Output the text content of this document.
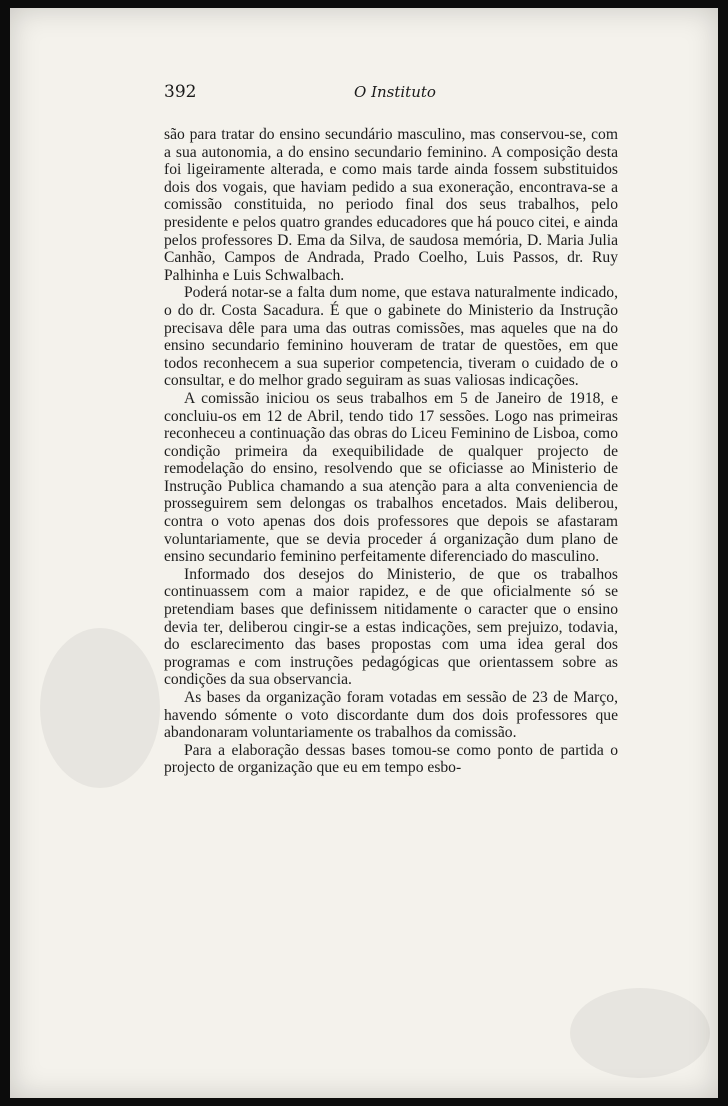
392	O Instituto

são para tratar do ensino secundário masculino, mas conservou-se, com a sua autonomia, a do ensino secundario feminino. A composição desta foi ligeiramente alterada, e como mais tarde ainda fossem substituidos dois dos vogais, que haviam pedido a sua exoneração, encontrava-se a comissão constituida, no periodo final dos seus trabalhos, pelo presidente e pelos quatro grandes educadores que há pouco citei, e ainda pelos professores D. Ema da Silva, de saudosa memória, D. Maria Julia Canhão, Campos de Andrada, Prado Coelho, Luis Passos, dr. Ruy Palhinha e Luis Schwalbach.

Poderá notar-se a falta dum nome, que estava naturalmente indicado, o do dr. Costa Sacadura. É que o gabinete do Ministerio da Instrução precisava dêle para uma das outras comissões, mas aqueles que na do ensino secundario feminino houveram de tratar de questões, em que todos reconhecem a sua superior competencia, tiveram o cuidado de o consultar, e do melhor grado seguiram as suas valiosas indicações.

A comissão iniciou os seus trabalhos em 5 de Janeiro de 1918, e concluiu-os em 12 de Abril, tendo tido 17 sessões. Logo nas primeiras reconheceu a continuação das obras do Liceu Feminino de Lisboa, como condição primeira da exequibilidade de qualquer projecto de remodelação do ensino, resolvendo que se oficiasse ao Ministerio de Instrução Publica chamando a sua atenção para a alta conveniencia de prosseguirem sem delongas os trabalhos encetados. Mais deliberou, contra o voto apenas dos dois professores que depois se afastaram voluntariamente, que se devia proceder á organização dum plano de ensino secundario feminino perfeitamente diferenciado do masculino.

Informado dos desejos do Ministerio, de que os trabalhos continuassem com a maior rapidez, e de que oficialmente só se pretendiam bases que definissem nitidamente o caracter que o ensino devia ter, deliberou cingir-se a estas indicações, sem prejuizo, todavia, do esclarecimento das bases propostas com uma idea geral dos programas e com instruções pedagógicas que orientassem sobre as condições da sua observancia.

As bases da organização foram votadas em sessão de 23 de Março, havendo sómente o voto discordante dum dos dois professores que abandonaram voluntariamente os trabalhos da comissão.

Para a elaboração dessas bases tomou-se como ponto de partida o projecto de organização que eu em tempo esbo-
